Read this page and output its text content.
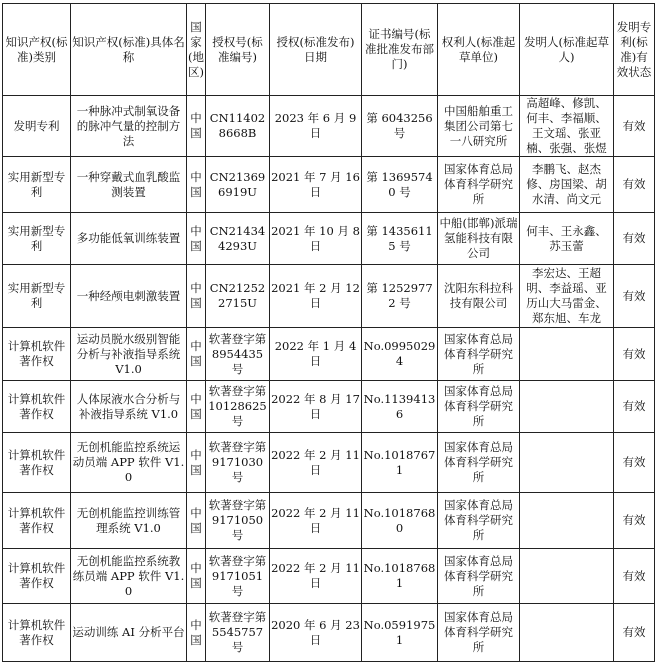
知识产权(标准)类别	知识产权(标准)具体名称	国家(地区)	授权号(标准编号)	授权(标准发布)日期	证书编号(标准批准发布部门)	权利人(标准起草单位)	发明人(标准起草人)	发明专利(标准)有效状态
发明专利	一种脉冲式制氧设备的脉冲气量的控制方法	中国	CN114028668B	2023 年 6 月 9 日	第 6043256 号	中国船舶重工集团公司第七一八研究所	高超峰、修凯、何丰、李福顺、王文瑶、张亚楠、张强、张煜	有效
实用新型专利	一种穿戴式血乳酸监测装置	中国	CN213696919U	2021 年 7 月 16 日	第 13695740 号	国家体育总局体育科学研究所	李鹏飞、赵杰修、房国梁、胡水清、尚文元	有效
实用新型专利	多功能低氧训练装置	中国	CN214344293U	2021 年 10 月 8 日	第 14356115 号	中船(邯郸)派瑞氢能科技有限公司	何丰、王永鑫、苏玉蕾	有效
实用新型专利	一种经颅电刺激装置	中国	CN212522715U	2021 年 2 月 12 日	第 12529772 号	沈阳东科拉科技有限公司	李宏达、王超明、李益瑶、亚历山大马雷金、郑东旭、车龙	有效
计算机软件著作权	运动员脱水级别智能分析与补液指导系统 V1.0	中国	软著登字第 8954435 号	2022 年 1 月 4 日	No.09950294	国家体育总局体育科学研究所		有效
计算机软件著作权	人体尿液水合分析与补液指导系统 V1.0	中国	软著登字第 10128625 号	2022 年 8 月 17 日	No.11394136	国家体育总局体育科学研究所		有效
计算机软件著作权	无创机能监控系统运动员端 APP 软件 V1.0	中国	软著登字第 9171030 号	2022 年 2 月 11 日	No.10187671	国家体育总局体育科学研究所		有效
计算机软件著作权	无创机能监控训练管理系统 V1.0	中国	软著登字第 9171050 号	2022 年 2 月 11 日	No.10187680	国家体育总局体育科学研究所		有效
计算机软件著作权	无创机能监控系统教练员端 APP 软件 V1.0	中国	软著登字第 9171051 号	2022 年 2 月 11 日	No.10187681	国家体育总局体育科学研究所		有效
计算机软件著作权	运动训练 AI 分析平台	中国	软著登字第 5545757 号	2020 年 6 月 23 日	No.05919751	国家体育总局体育科学研究所		有效
